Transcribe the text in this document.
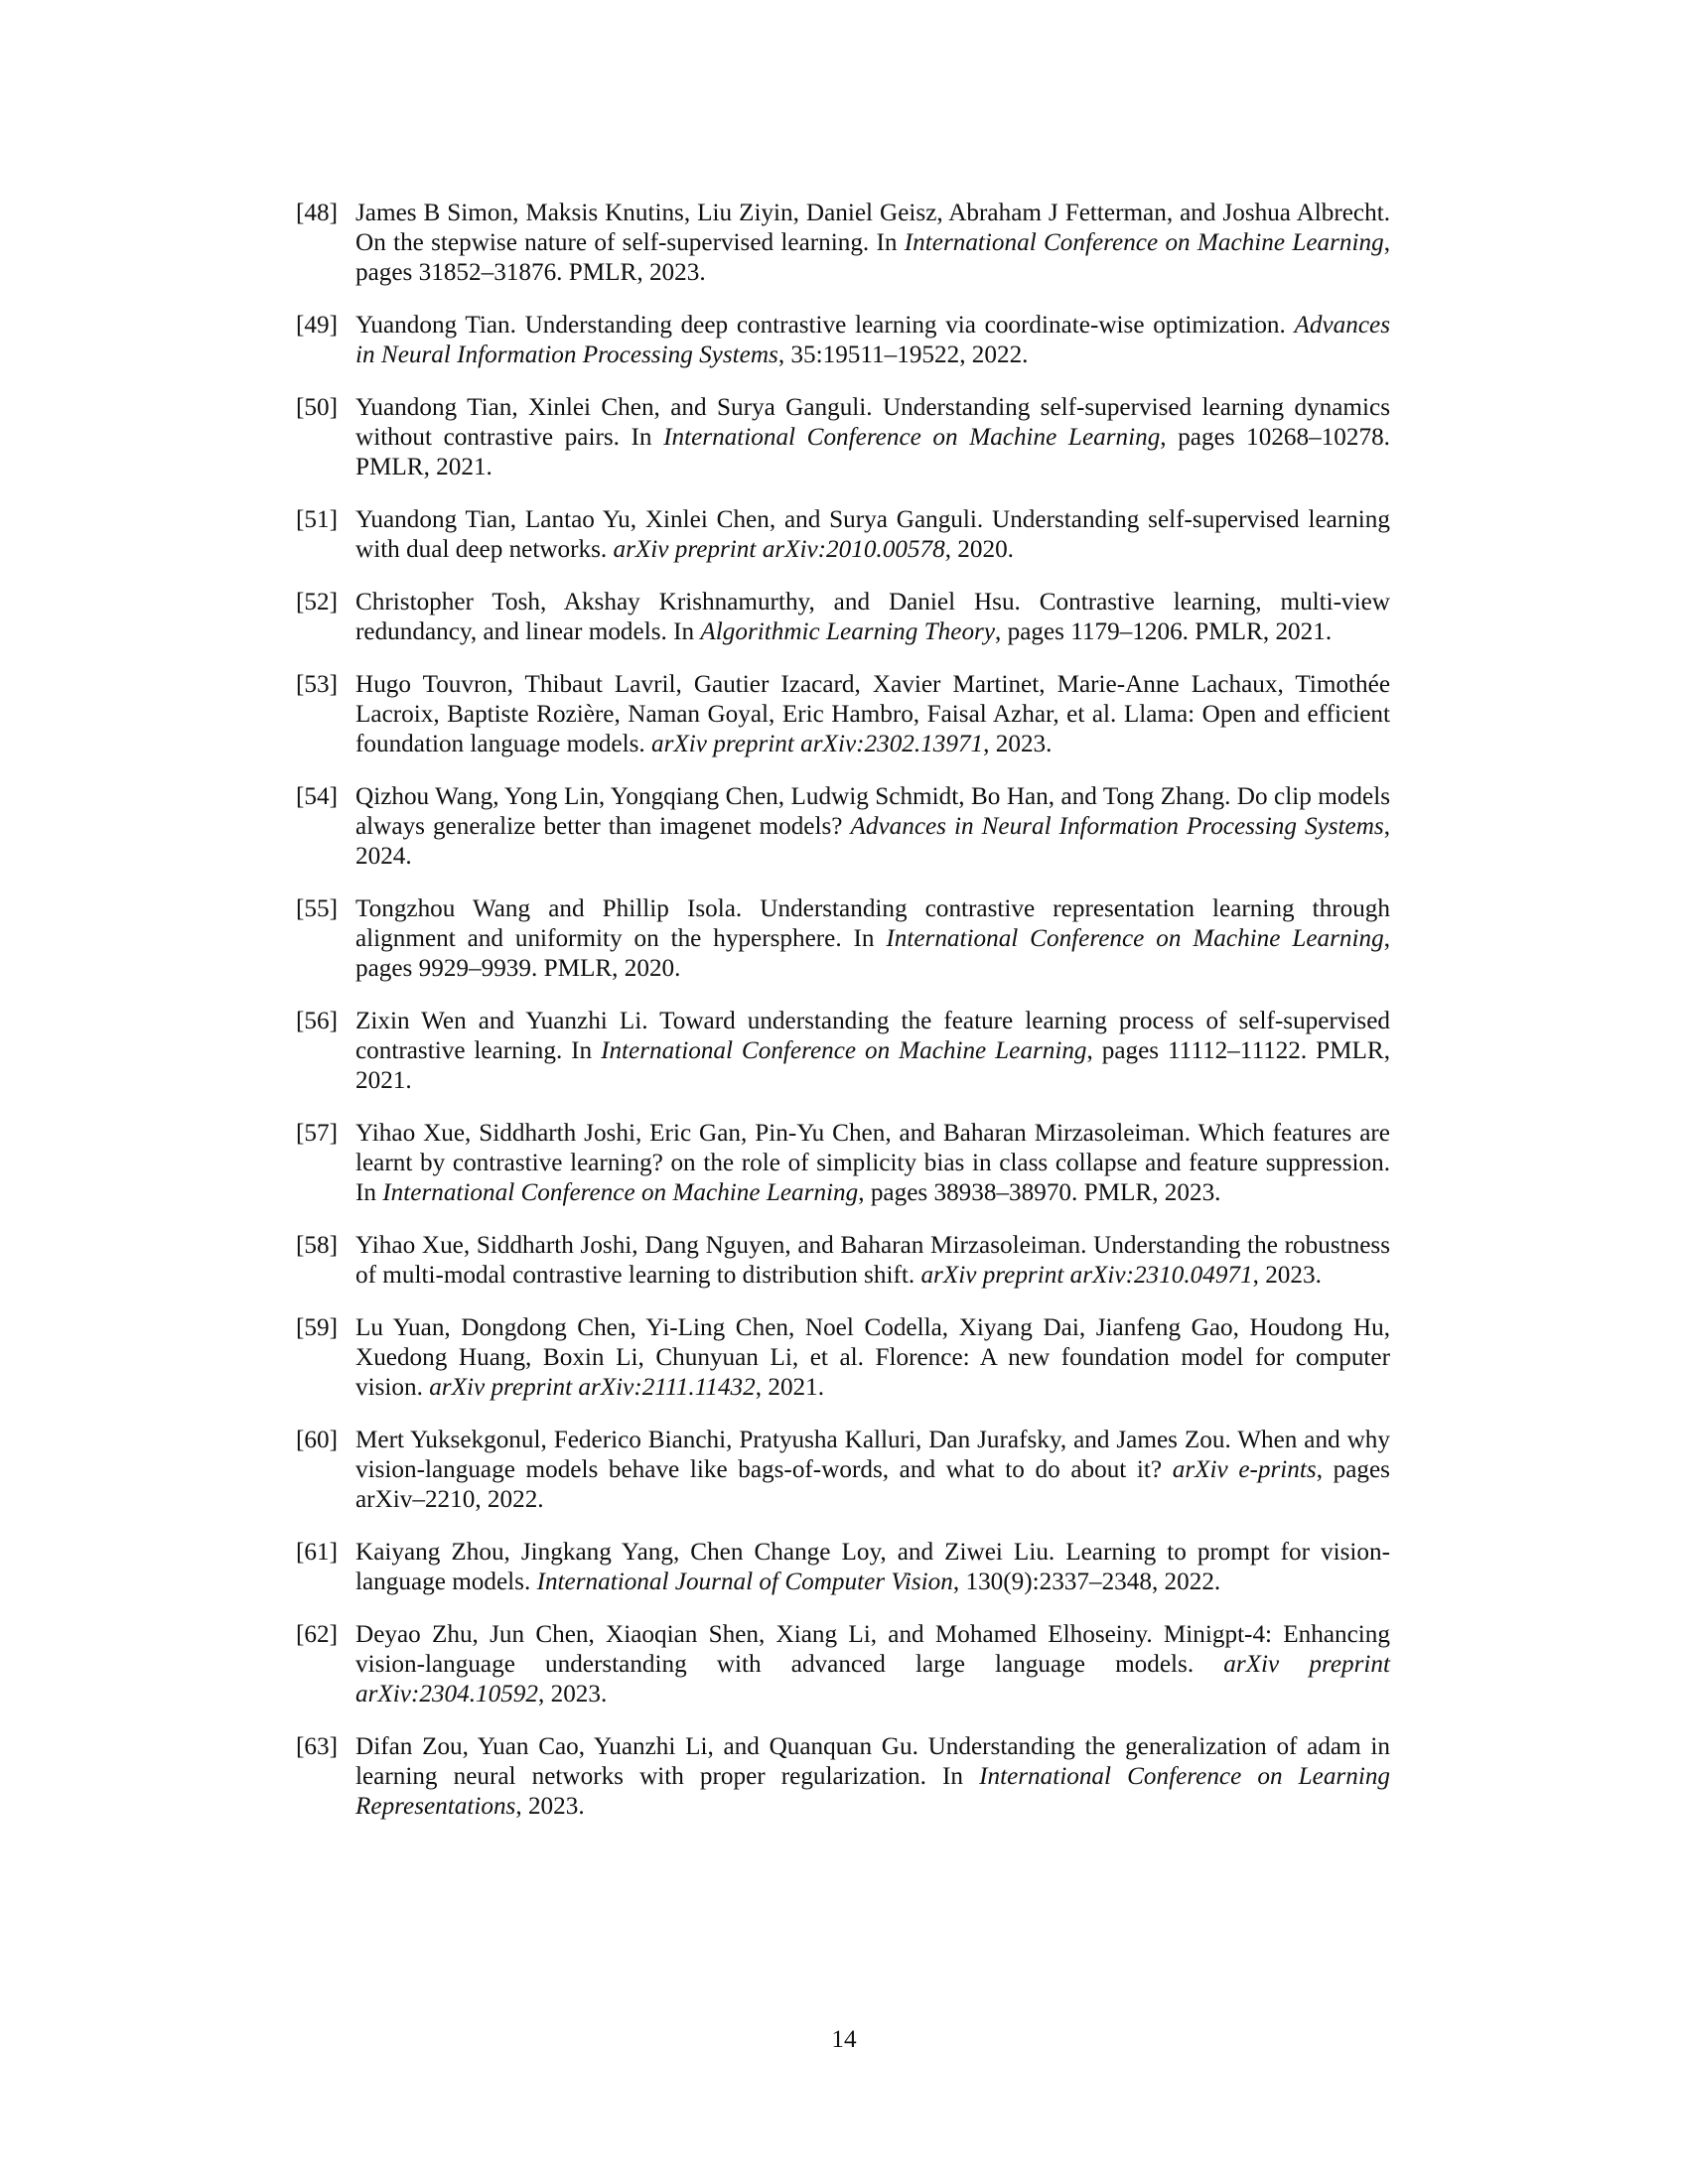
[48] James B Simon, Maksis Knutins, Liu Ziyin, Daniel Geisz, Abraham J Fetterman, and Joshua Albrecht. On the stepwise nature of self-supervised learning. In International Conference on Machine Learning, pages 31852–31876. PMLR, 2023.
[49] Yuandong Tian. Understanding deep contrastive learning via coordinate-wise optimization. Advances in Neural Information Processing Systems, 35:19511–19522, 2022.
[50] Yuandong Tian, Xinlei Chen, and Surya Ganguli. Understanding self-supervised learning dynamics without contrastive pairs. In International Conference on Machine Learning, pages 10268–10278. PMLR, 2021.
[51] Yuandong Tian, Lantao Yu, Xinlei Chen, and Surya Ganguli. Understanding self-supervised learning with dual deep networks. arXiv preprint arXiv:2010.00578, 2020.
[52] Christopher Tosh, Akshay Krishnamurthy, and Daniel Hsu. Contrastive learning, multi-view redundancy, and linear models. In Algorithmic Learning Theory, pages 1179–1206. PMLR, 2021.
[53] Hugo Touvron, Thibaut Lavril, Gautier Izacard, Xavier Martinet, Marie-Anne Lachaux, Timothée Lacroix, Baptiste Rozière, Naman Goyal, Eric Hambro, Faisal Azhar, et al. Llama: Open and efficient foundation language models. arXiv preprint arXiv:2302.13971, 2023.
[54] Qizhou Wang, Yong Lin, Yongqiang Chen, Ludwig Schmidt, Bo Han, and Tong Zhang. Do clip models always generalize better than imagenet models? Advances in Neural Information Processing Systems, 2024.
[55] Tongzhou Wang and Phillip Isola. Understanding contrastive representation learning through alignment and uniformity on the hypersphere. In International Conference on Machine Learning, pages 9929–9939. PMLR, 2020.
[56] Zixin Wen and Yuanzhi Li. Toward understanding the feature learning process of self-supervised contrastive learning. In International Conference on Machine Learning, pages 11112–11122. PMLR, 2021.
[57] Yihao Xue, Siddharth Joshi, Eric Gan, Pin-Yu Chen, and Baharan Mirzasoleiman. Which features are learnt by contrastive learning? on the role of simplicity bias in class collapse and feature suppression. In International Conference on Machine Learning, pages 38938–38970. PMLR, 2023.
[58] Yihao Xue, Siddharth Joshi, Dang Nguyen, and Baharan Mirzasoleiman. Understanding the robustness of multi-modal contrastive learning to distribution shift. arXiv preprint arXiv:2310.04971, 2023.
[59] Lu Yuan, Dongdong Chen, Yi-Ling Chen, Noel Codella, Xiyang Dai, Jianfeng Gao, Houdong Hu, Xuedong Huang, Boxin Li, Chunyuan Li, et al. Florence: A new foundation model for computer vision. arXiv preprint arXiv:2111.11432, 2021.
[60] Mert Yuksekgonul, Federico Bianchi, Pratyusha Kalluri, Dan Jurafsky, and James Zou. When and why vision-language models behave like bags-of-words, and what to do about it? arXiv e-prints, pages arXiv–2210, 2022.
[61] Kaiyang Zhou, Jingkang Yang, Chen Change Loy, and Ziwei Liu. Learning to prompt for vision-language models. International Journal of Computer Vision, 130(9):2337–2348, 2022.
[62] Deyao Zhu, Jun Chen, Xiaoqian Shen, Xiang Li, and Mohamed Elhoseiny. Minigpt-4: Enhancing vision-language understanding with advanced large language models. arXiv preprint arXiv:2304.10592, 2023.
[63] Difan Zou, Yuan Cao, Yuanzhi Li, and Quanquan Gu. Understanding the generalization of adam in learning neural networks with proper regularization. In International Conference on Learning Representations, 2023.
14
